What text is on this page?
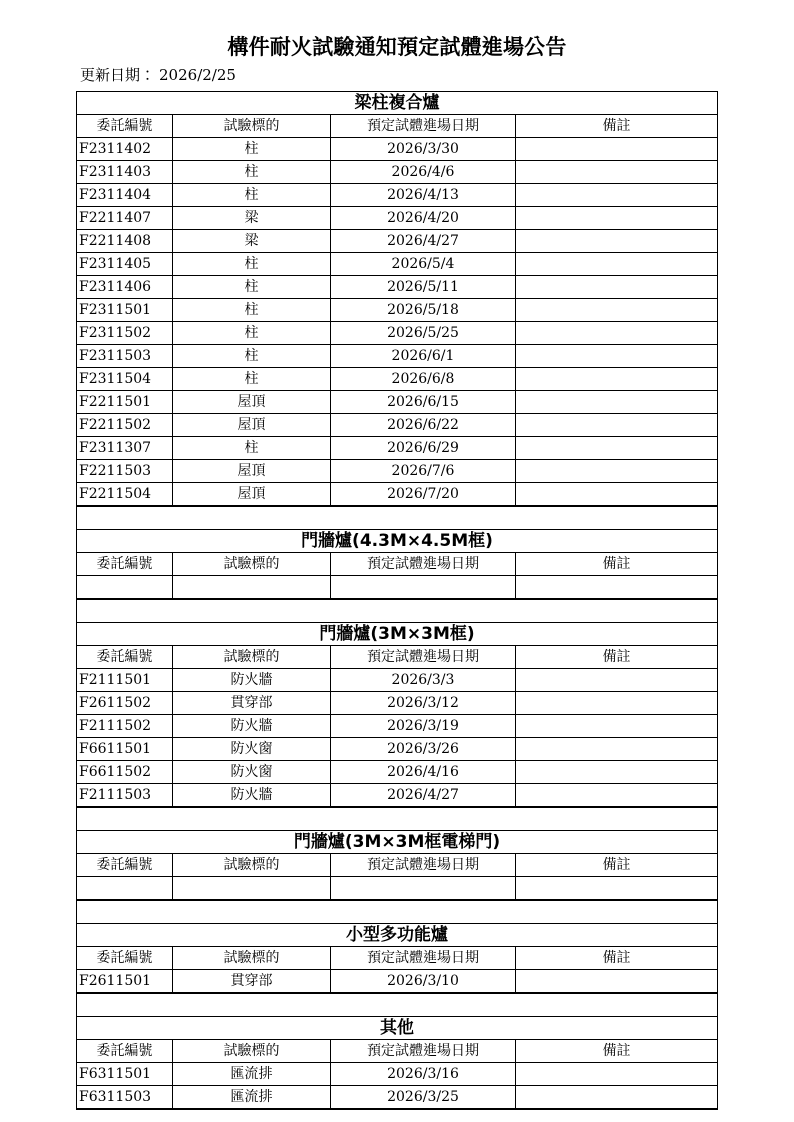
構件耐火試驗通知預定試體進場公告

更新日期： 2026/2/25

梁柱複合爐			
委託編號	試驗標的	預定試體進場日期	備註
F2311402	柱	2026/3/30	
F2311403	柱	2026/4/6	
F2311404	柱	2026/4/13	
F2211407	梁	2026/4/20	
F2211408	梁	2026/4/27	
F2311405	柱	2026/5/4	
F2311406	柱	2026/5/11	
F2311501	柱	2026/5/18	
F2311502	柱	2026/5/25	
F2311503	柱	2026/6/1	
F2311504	柱	2026/6/8	
F2211501	屋頂	2026/6/15	
F2211502	屋頂	2026/6/22	
F2311307	柱	2026/6/29	
F2211503	屋頂	2026/7/6	
F2211504	屋頂	2026/7/20	

門牆爐(4.3M×4.5M框)			
委託編號	試驗標的	預定試體進場日期	備註

門牆爐(3M×3M框)			
委託編號	試驗標的	預定試體進場日期	備註
F2111501	防火牆	2026/3/3	
F2611502	貫穿部	2026/3/12	
F2111502	防火牆	2026/3/19	
F6611501	防火窗	2026/3/26	
F6611502	防火窗	2026/4/16	
F2111503	防火牆	2026/4/27	

門牆爐(3M×3M框電梯門)			
委託編號	試驗標的	預定試體進場日期	備註

小型多功能爐			
委託編號	試驗標的	預定試體進場日期	備註
F2611501	貫穿部	2026/3/10	

其他			
委託編號	試驗標的	預定試體進場日期	備註
F6311501	匯流排	2026/3/16	
F6311503	匯流排	2026/3/25	
